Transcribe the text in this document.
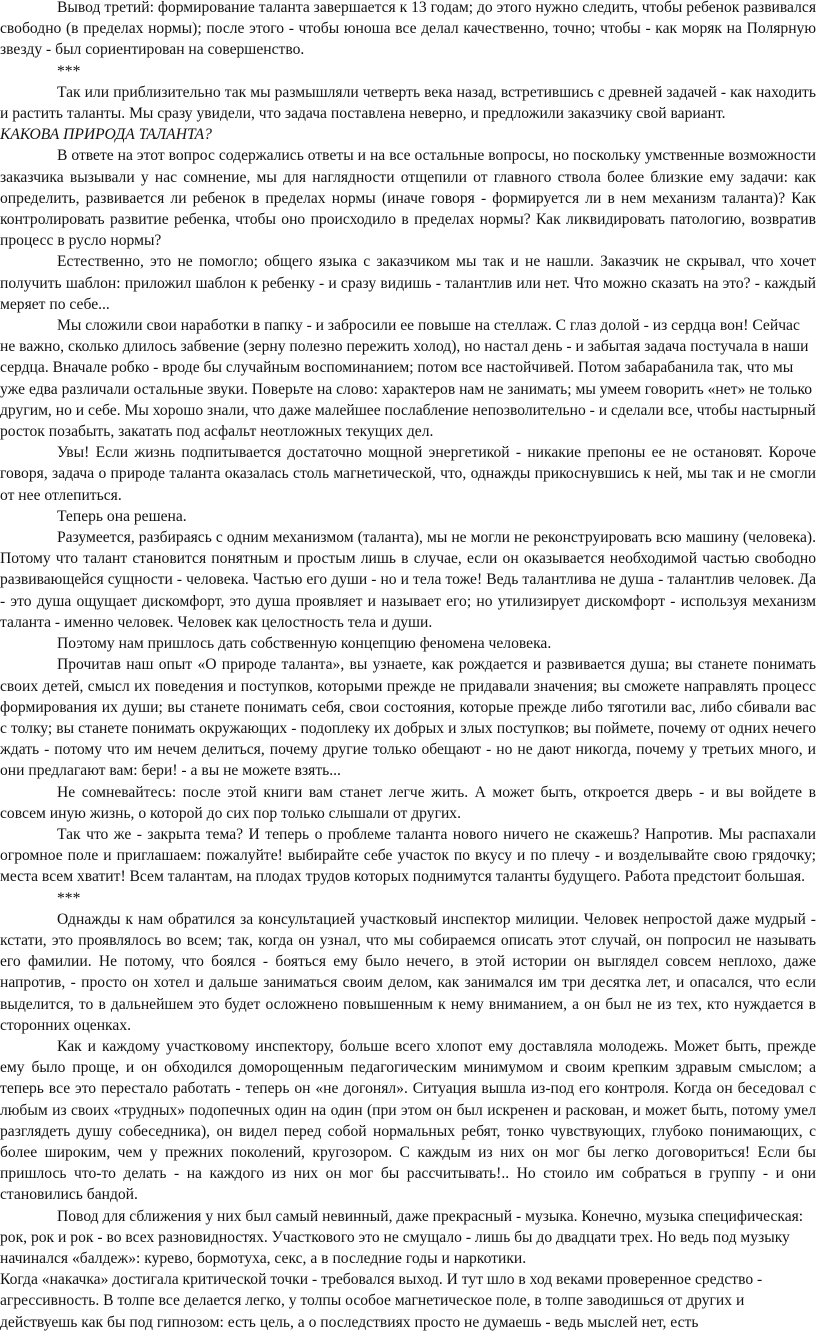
Вывод третий: формирование таланта завершается к 13 годам; до этого нужно следить, чтобы ребенок развивался свободно (в пределах нормы); после этого - чтобы юноша все делал качественно, точно; чтобы - как моряк на Полярную звезду - был сориентирован на совершенство.

***

Так или приблизительно так мы размышляли четверть века назад, встретившись с древней задачей - как находить и растить таланты. Мы сразу увидели, что задача поставлена неверно, и предложили заказчику свой вариант.

КАКОВА ПРИРОДА ТАЛАНТА?

В ответе на этот вопрос содержались ответы и на все остальные вопросы, но поскольку умственные возможности заказчика вызывали у нас сомнение, мы для наглядности отщепили от главного ствола более близкие ему задачи: как определить, развивается ли ребенок в пределах нормы (иначе говоря - формируется ли в нем механизм таланта)? Как контролировать развитие ребенка, чтобы оно происходило в пределах нормы? Как ликвидировать патологию, возвратив процесс в русло нормы?

Естественно, это не помогло; общего языка с заказчиком мы так и не нашли. Заказчик не скрывал, что хочет получить шаблон: приложил шаблон к ребенку - и сразу видишь - талантлив или нет. Что можно сказать на это? - каждый меряет по себе...

Мы сложили свои наработки в папку - и забросили ее повыше на стеллаж. С глаз долой - из сердца вон! Сейчас не важно, сколько длилось забвение (зерну полезно пережить холод), но настал день - и забытая задача постучала в наши сердца. Вначале робко - вроде бы случайным воспоминанием; потом все настойчивей. Потом забарабанила так, что мы уже едва различали остальные звуки. Поверьте на слово: характеров нам не занимать; мы умеем говорить «нет» не только другим, но и себе. Мы хорошо знали, что даже малейшее послабление непозволительно - и сделали все, чтобы настырный росток позабыть, закатать под асфальт неотложных текущих дел.

Увы! Если жизнь подпитывается достаточно мощной энергетикой - никакие препоны ее не остановят. Короче говоря, задача о природе таланта оказалась столь магнетической, что, однажды прикоснувшись к ней, мы так и не смогли от нее отлепиться.

Теперь она решена.

Разумеется, разбираясь с одним механизмом (таланта), мы не могли не реконструировать всю машину (человека). Потому что талант становится понятным и простым лишь в случае, если он оказывается необходимой частью свободно развивающейся сущности - человека. Частью его души - но и тела тоже! Ведь талантлива не душа - талантлив человек. Да - это душа ощущает дискомфорт, это душа проявляет и называет его; но утилизирует дискомфорт - используя механизм таланта - именно человек. Человек как целостность тела и души.

Поэтому нам пришлось дать собственную концепцию феномена человека.

Прочитав наш опыт «О природе таланта», вы узнаете, как рождается и развивается душа; вы станете понимать своих детей, смысл их поведения и поступков, которыми прежде не придавали значения; вы сможете направлять процесс формирования их души; вы станете понимать себя, свои состояния, которые прежде либо тяготили вас, либо сбивали вас с толку; вы станете понимать окружающих - подоплеку их добрых и злых поступков; вы поймете, почему от одних нечего ждать - потому что им нечем делиться, почему другие только обещают - но не дают никогда, почему у третьих много, и они предлагают вам: бери! - а вы не можете взять...

Не сомневайтесь: после этой книги вам станет легче жить. А может быть, откроется дверь - и вы войдете в совсем иную жизнь, о которой до сих пор только слышали от других.

Так что же - закрыта тема? И теперь о проблеме таланта нового ничего не скажешь? Напротив. Мы распахали огромное поле и приглашаем: пожалуйте! выбирайте себе участок по вкусу и по плечу - и возделывайте свою грядочку; места всем хватит! Всем талантам, на плодах трудов которых поднимутся таланты будущего. Работа предстоит большая.

***

Однажды к нам обратился за консультацией участковый инспектор милиции. Человек непростой даже мудрый - кстати, это проявлялось во всем; так, когда он узнал, что мы собираемся описать этот случай, он попросил не называть его фамилии. Не потому, что боялся - бояться ему было нечего, в этой истории он выглядел совсем неплохо, даже напротив, - просто он хотел и дальше заниматься своим делом, как занимался им три десятка лет, и опасался, что если выделится, то в дальнейшем это будет осложнено повышенным к нему вниманием, а он был не из тех, кто нуждается в сторонних оценках.

Как и каждому участковому инспектору, больше всего хлопот ему доставляла молодежь. Может быть, прежде ему было проще, и он обходился доморощенным педагогическим минимумом и своим крепким здравым смыслом; а теперь все это перестало работать - теперь он «не догонял». Ситуация вышла из-под его контроля. Когда он беседовал с любым из своих «трудных» подопечных один на один (при этом он был искренен и раскован, и может быть, потому умел разглядеть душу собеседника), он видел перед собой нормальных ребят, тонко чувствующих, глубоко понимающих, с более широким, чем у прежних поколений, кругозором. С каждым из них он мог бы легко договориться! Если бы пришлось что-то делать - на каждого из них он мог бы рассчитывать!.. Но стоило им собраться в группу - и они становились бандой.

Повод для сближения у них был самый невинный, даже прекрасный - музыка. Конечно, музыка специфическая: рок, рок и рок - во всех разновидностях. Участкового это не смущало - лишь бы до двадцати трех. Но ведь под музыку начинался «балдеж»: курево, бормотуха, секс, а в последние годы и наркотики.

Когда «накачка» достигала критической точки - требовался выход. И тут шло в ход веками проверенное средство - агрессивность. В толпе все делается легко, у толпы особое магнетическое поле, в толпе заводишься от других и действуешь как бы под гипнозом: есть цель, а о последствиях просто не думаешь - ведь мыслей нет, есть
